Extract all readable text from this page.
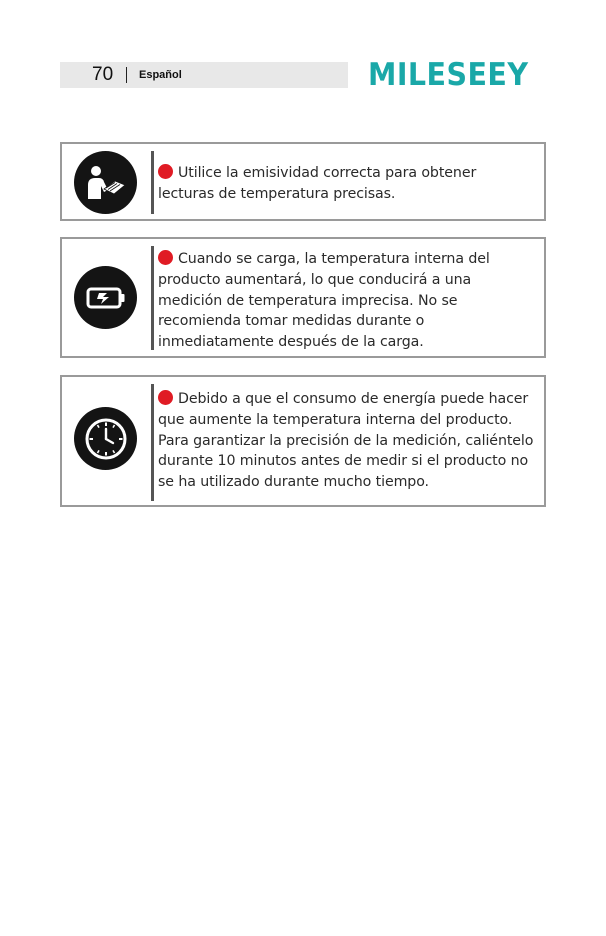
70	Español	MILESEEY
Utilice la emisividad correcta para obtener lecturas de temperatura precisas.
Cuando se carga, la temperatura interna del producto aumentará, lo que conducirá a una medición de temperatura imprecisa. No se recomienda tomar medidas durante o inmediatamente después de la carga.
Debido a que el consumo de energía puede hacer que aumente la temperatura interna del producto. Para garantizar la precisión de la medición, caliéntelo durante 10 minutos antes de medir si el producto no se ha utilizado durante mucho tiempo.
